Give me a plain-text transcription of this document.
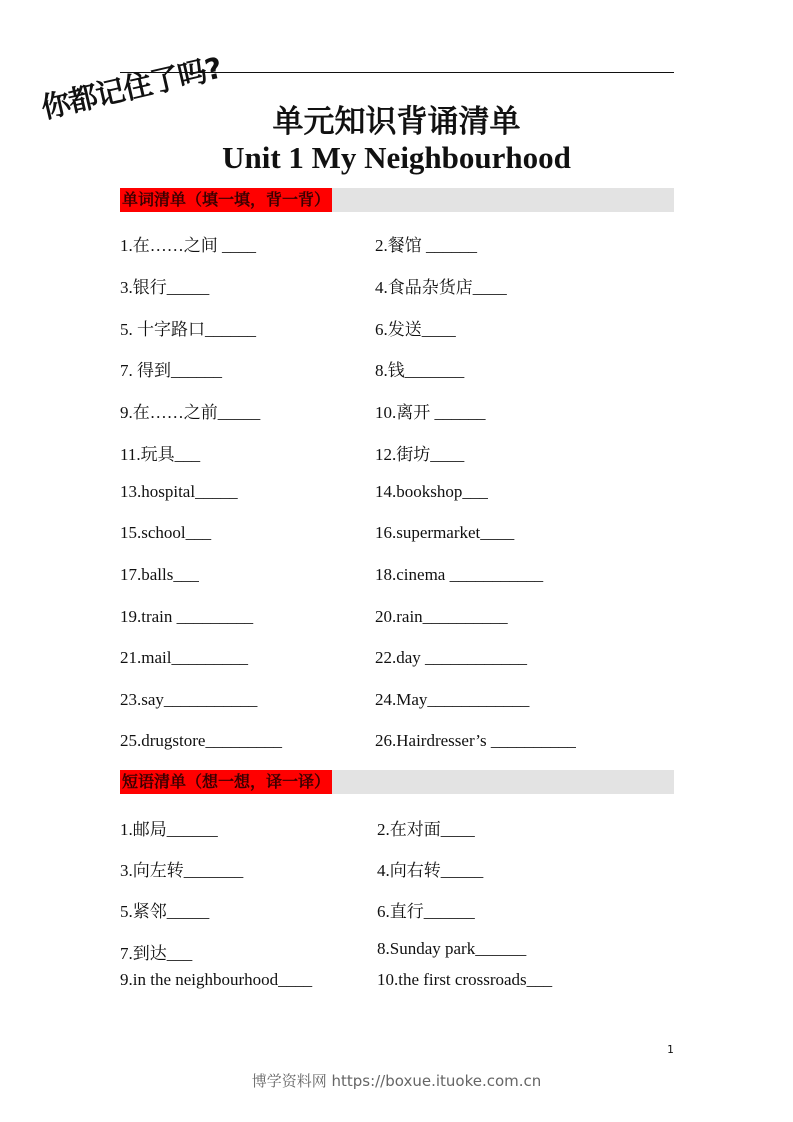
你都记住了吗?	单元知识背诵清单
Unit 1 My Neighbourhood
单词清单（填一填，背一背）
1.在……之间 ____	2.餐馆 ______
3.银行_____	4.食品杂货店____
5. 十字路口______	6.发送____
7. 得到______	8.钱_______
9.在……之前_____	10.离开 ______
11.玩具___	12.街坊____
13.hospital_____	14.bookshop___
15.school___	16.supermarket____
17.balls___	18.cinema ___________
19.train _________	20.rain__________
21.mail_________	22.day ____________
23.say___________	24.May____________
25.drugstore_________	26.Hairdresser’s __________
短语清单（想一想，译一译）
1.邮局______	2.在对面____
3.向左转_______	4.向右转_____
5.紧邻_____	6.直行______
7.到达___	8.Sunday park______
9.in the neighbourhood____	10.the first crossroads___
1
博学资料网 https://boxue.ituoke.com.cn
